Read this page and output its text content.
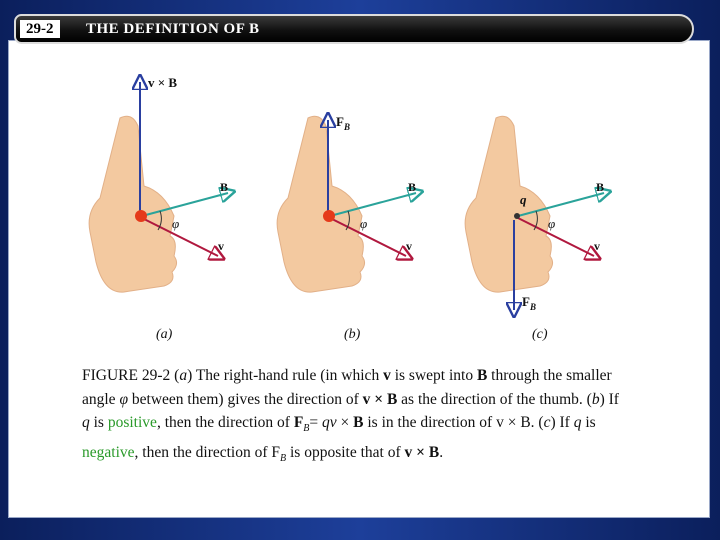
29-2	THE DEFINITION OF B
v × B
B
v
φ
(a)
$F_B$
B
v
φ
(b)
q
$F_B$
B
v
φ
(c)
FIGURE 29-2 (a) The right-hand rule (in which v is swept into B through the smaller angle φ between them) gives the direction of v × B as the direction of the thumb. (b) If q is positive, then the direction of $F_B=$ qv × B is in the direction of v × B. (c) If q is negative, then the direction of $F_B$ is opposite that of v × B.
